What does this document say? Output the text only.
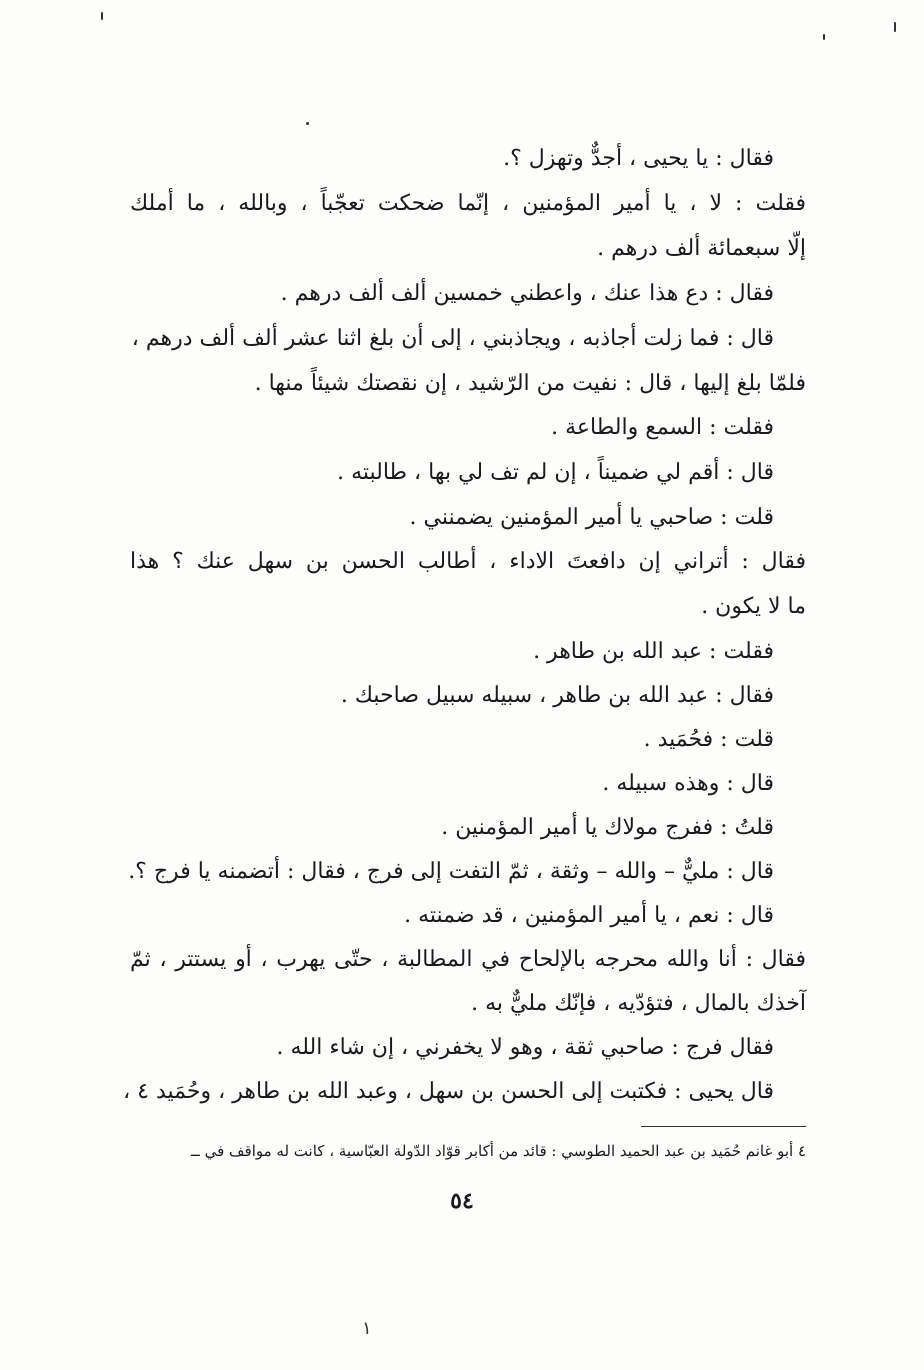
فقال : يا يحيى ، أجدٌّ وتهزل ؟.
فقلت : لا ، يا أمير المؤمنين ، إنّما ضحكت تعجّباً ، وبالله ، ما أملك
إلّا سبعمائة ألف درهم .
فقال : دع هذا عنك ، واعطني خمسين ألف ألف درهم .
قال : فما زلت أجاذبه ، ويجاذبني ، إلى أن بلغ اثنا عشر ألف ألف درهم ،
فلمّا بلغ إليها ، قال : نفيت من الرّشيد ، إن نقصتك شيئاً منها .
فقلت : السمع والطاعة .
قال : أقم لي ضميناً ، إن لم تف لي بها ، طالبته .
قلت : صاحبي يا أمير المؤمنين يضمنني .
فقال : أتراني إن دافعتَ الاداء ، أطالب الحسن بن سهل عنك ؟ هذا
ما لا يكون .
فقلت : عبد الله بن طاهر .
فقال : عبد الله بن طاهر ، سبيله سبيل صاحبك .
قلت : فحُمَيد .
قال : وهذه سبيله .
قلتُ : ففرج مولاك يا أمير المؤمنين .
قال : مليٌّ – والله – وثقة ، ثمّ التفت إلى فرج ، فقال : أتضمنه يا فرج ؟.
قال : نعم ، يا أمير المؤمنين ، قد ضمنته .
فقال : أنا والله محرجه بالإلحاح في المطالبة ، حتّى يهرب ، أو يستتر ، ثمّ
آخذك بالمال ، فتؤدّيه ، فإنّك مليٌّ به .
فقال فرج : صاحبي ثقة ، وهو لا يخفرني ، إن شاء الله .
قال يحيى : فكتبت إلى الحسن بن سهل ، وعبد الله بن طاهر ، وحُمَيد ٤ ،
٤ أبو غانم حُمَيد بن عبد الحميد الطوسي : قائد من أكابر قوّاد الدّولة العبّاسية ، كانت له مواقف في ــ
٥٤
١
